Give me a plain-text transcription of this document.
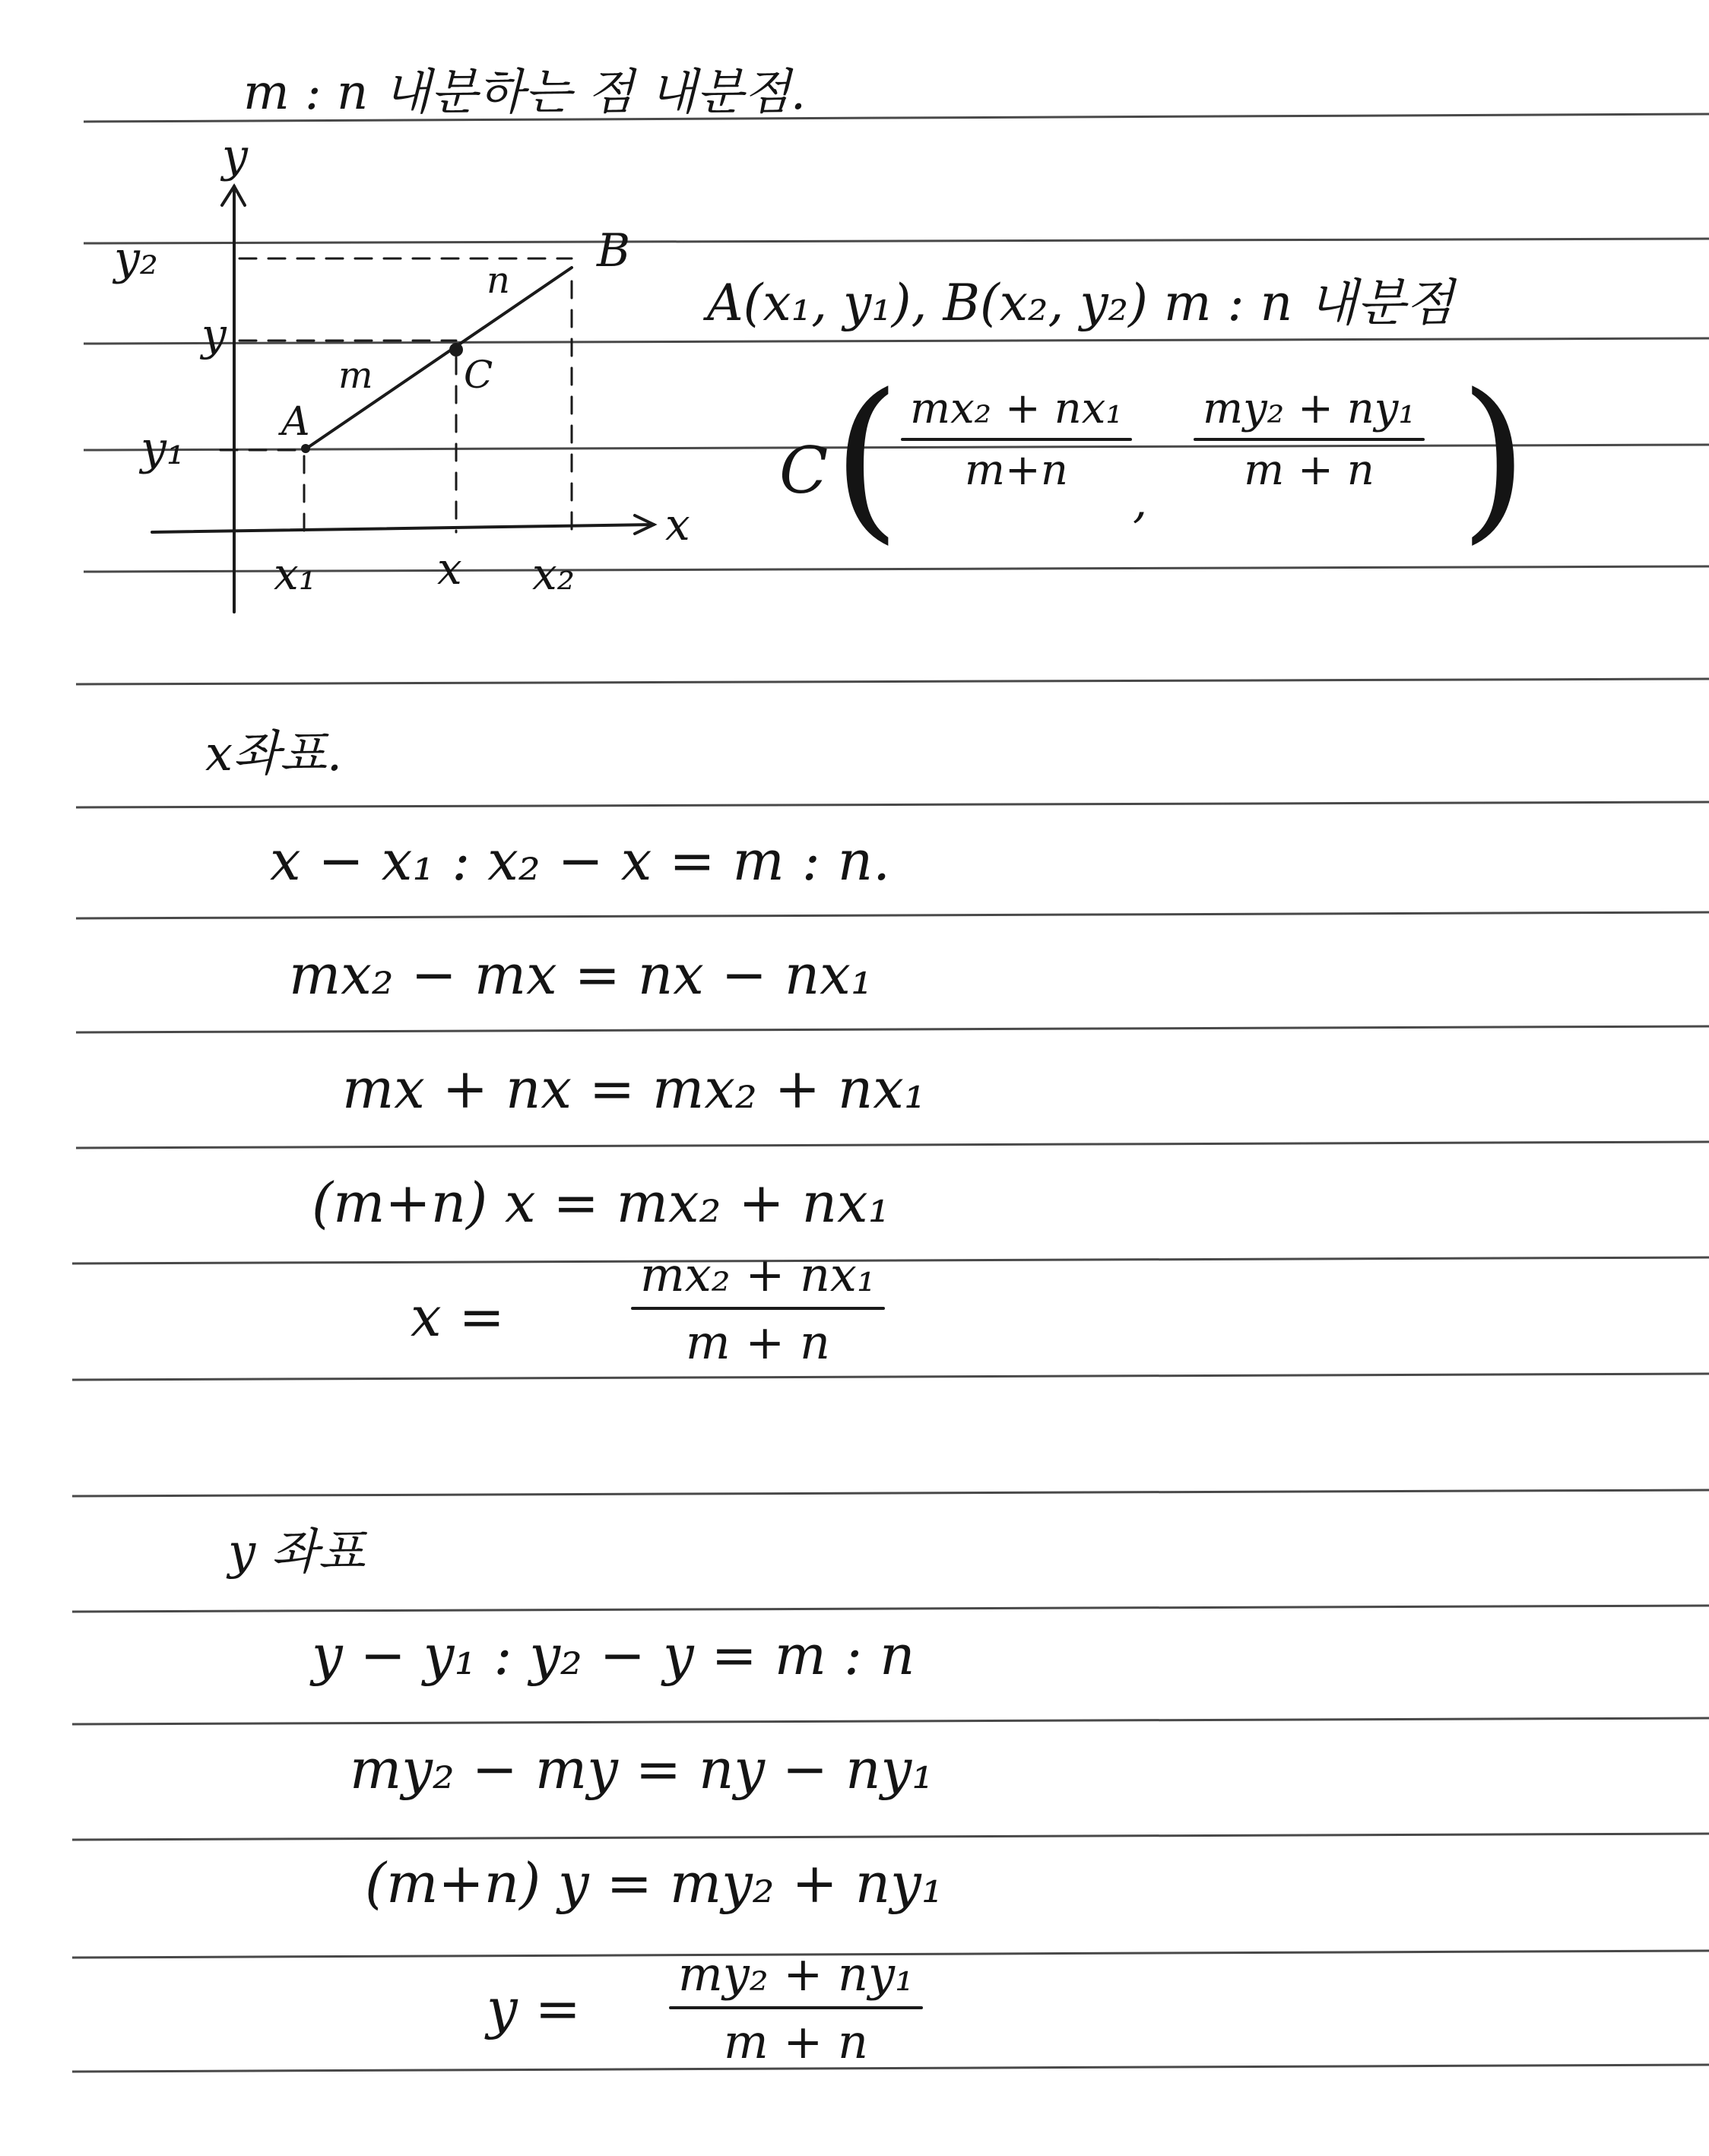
m : n 내분하는 점 내분점.
y
x
y₂
y
y₁
x₁	x x₂
A
B
C
m
n	A(x₁, y₁), B(x₂, y₂) m : n 내분점
C ( mx₂ + nx₁
m+n
,
my₂ + ny₁
m + n )
x좌표.
x − x₁ : x₂ − x = m : n.
mx₂ − mx = nx − nx₁
mx + nx = mx₂ + nx₁
(m+n) x = mx₂ + nx₁
x =
mx₂ + nx₁
m + n
y 좌표
y − y₁ : y₂ − y = m : n
my₂ − my = ny − ny₁
(m+n) y = my₂ + ny₁
y =
my₂ + ny₁
m + n
